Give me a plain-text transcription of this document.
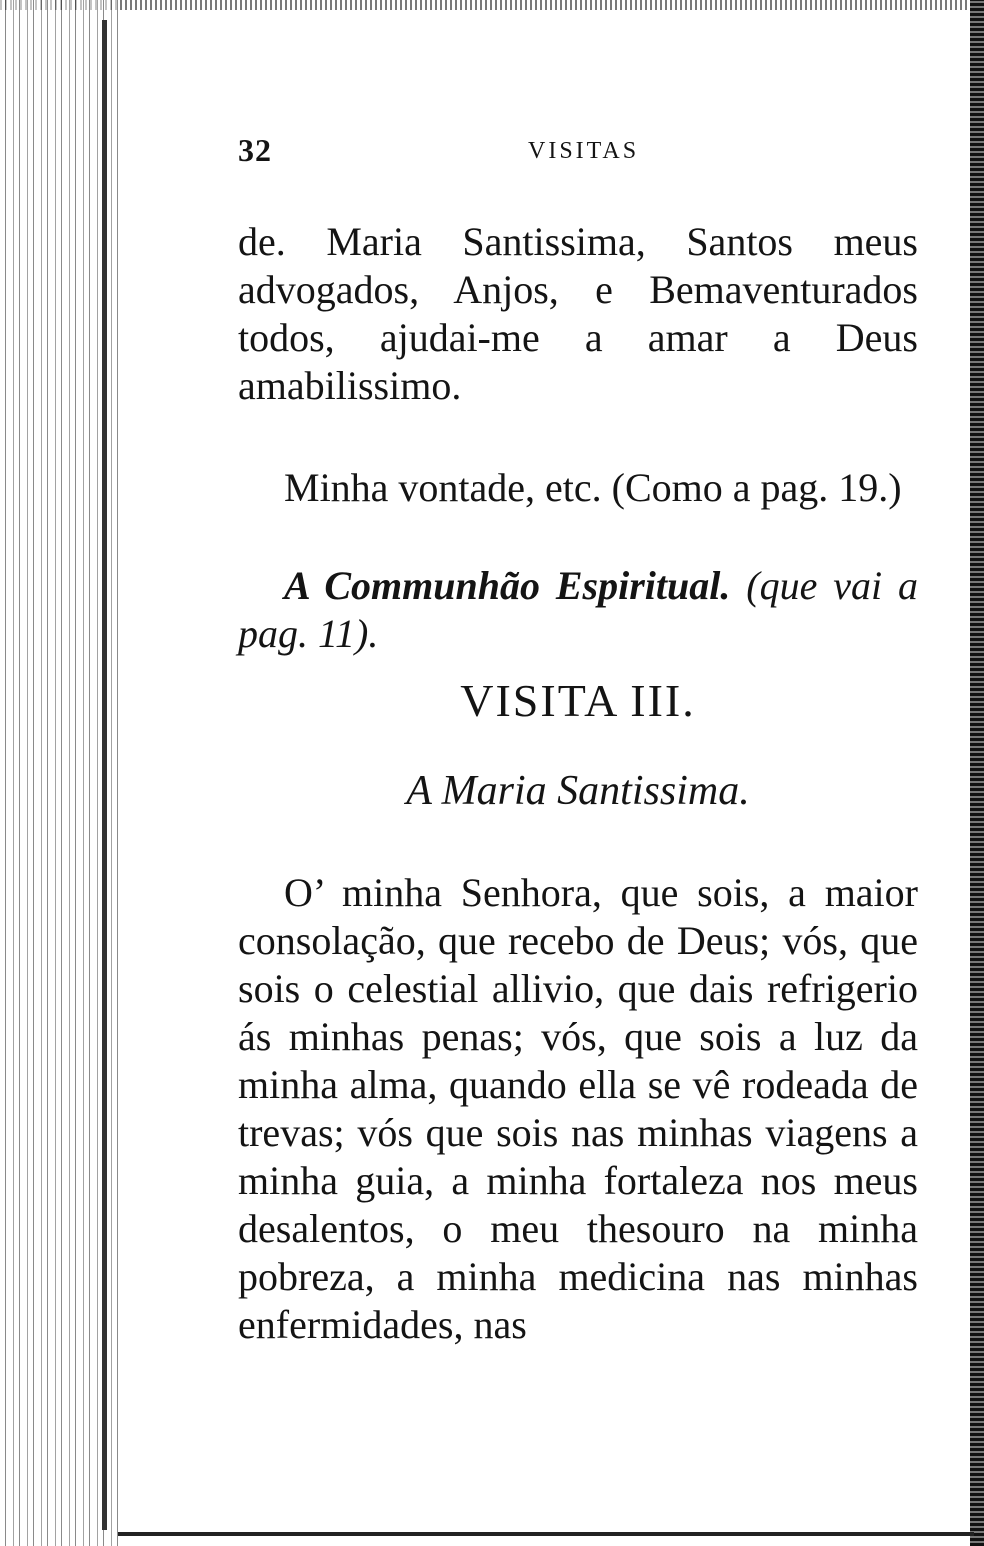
32	VISITAS

de. Maria Santissima, Santos meus advogados, Anjos, e Bemaventurados todos, ajudai-me a amar a Deus amabilissimo.

Minha vontade, etc. (Como a pag. 19.)

A Communhão Espiritual. (que vai a pag. 11).

VISITA III.
A Maria Santissima.

O’ minha Senhora, que sois, a maior consolação, que recebo de Deus; vós, que sois o celestial allivio, que dais refrigerio ás minhas penas; vós, que sois a luz da minha alma, quando ella se vê rodeada de trevas; vós que sois nas minhas viagens a minha guia, a minha fortaleza nos meus desalentos, o meu thesouro na minha pobreza, a minha medicina nas minhas enfermidades, nas
